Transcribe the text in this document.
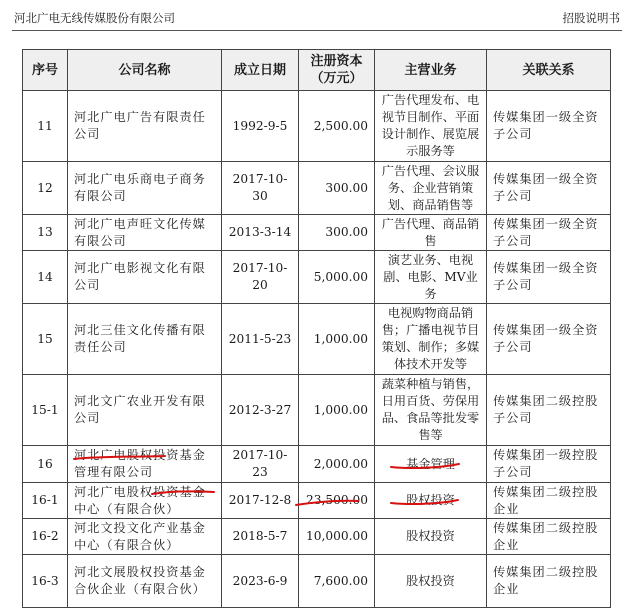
河北广电无线传媒股份有限公司	招股说明书
序号	公司名称	成立日期	注册资本（万元）	主营业务	关联关系
11	河北广电广告有限责任公司	1992-9-5	2,500.00	广告代理发布、电视节目制作、平面设计制作、展览展示服务等	传媒集团一级全资子公司
12	河北广电乐商电子商务有限公司	2017-10-30	300.00	广告代理、会议服务、企业营销策划、商品销售等	传媒集团一级全资子公司
13	河北广电声旺文化传媒有限公司	2013-3-14	300.00	广告代理、商品销售	传媒集团一级全资子公司
14	河北广电影视文化有限公司	2017-10-20	5,000.00	演艺业务、电视剧、电影、MV业务	传媒集团一级全资子公司
15	河北三佳文化传播有限责任公司	2011-5-23	1,000.00	电视购物商品销售；广播电视节目策划、制作；多媒体技术开发等	传媒集团一级全资子公司
15-1	河北文广农业开发有限公司	2012-3-27	1,000.00	蔬菜种植与销售，日用百货、劳保用品、食品等批发零售等	传媒集团二级控股子公司
16	河北广电股权投资基金管理有限公司	2017-10-23	2,000.00	基金管理	传媒集团一级控股子公司
16-1	河北广电股权投资基金中心（有限合伙）	2017-12-8	23,500.00	股权投资	传媒集团二级控股企业
16-2	河北文投文化产业基金中心（有限合伙）	2018-5-7	10,000.00	股权投资	传媒集团二级控股企业
16-3	河北文展股权投资基金合伙企业（有限合伙）	2023-6-9	7,600.00	股权投资	传媒集团二级控股企业
